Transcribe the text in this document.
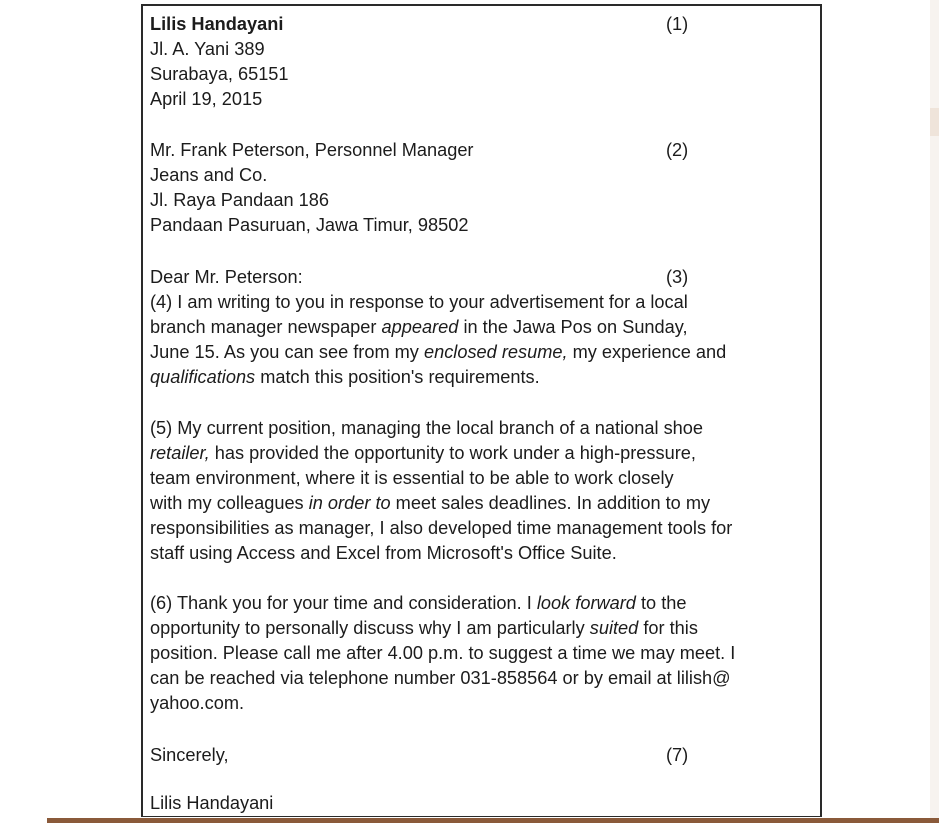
Lilis Handayani	(1)
Jl. A. Yani 389
Surabaya, 65151
April 19, 2015
Mr. Frank Peterson, Personnel Manager	(2)
Jeans and Co.
Jl. Raya Pandaan 186
Pandaan Pasuruan, Jawa Timur, 98502
Dear Mr. Peterson:	(3)
(4) I am writing to you in response to your advertisement for a local
branch manager newspaper appeared in the Jawa Pos on Sunday,
June 15. As you can see from my enclosed resume, my experience and
qualifications match this position's requirements.
(5) My current position, managing the local branch of a national shoe
retailer, has provided the opportunity to work under a high-pressure,
team environment, where it is essential to be able to work closely
with my colleagues in order to meet sales deadlines. In addition to my
responsibilities as manager, I also developed time management tools for
staff using Access and Excel from Microsoft's Office Suite.
(6) Thank you for your time and consideration. I look forward to the
opportunity to personally discuss why I am particularly suited for this
position. Please call me after 4.00 p.m. to suggest a time we may meet. I
can be reached via telephone number 031-858564 or by email at lilish@
yahoo.com.
Sincerely,	(7)
Lilis Handayani
